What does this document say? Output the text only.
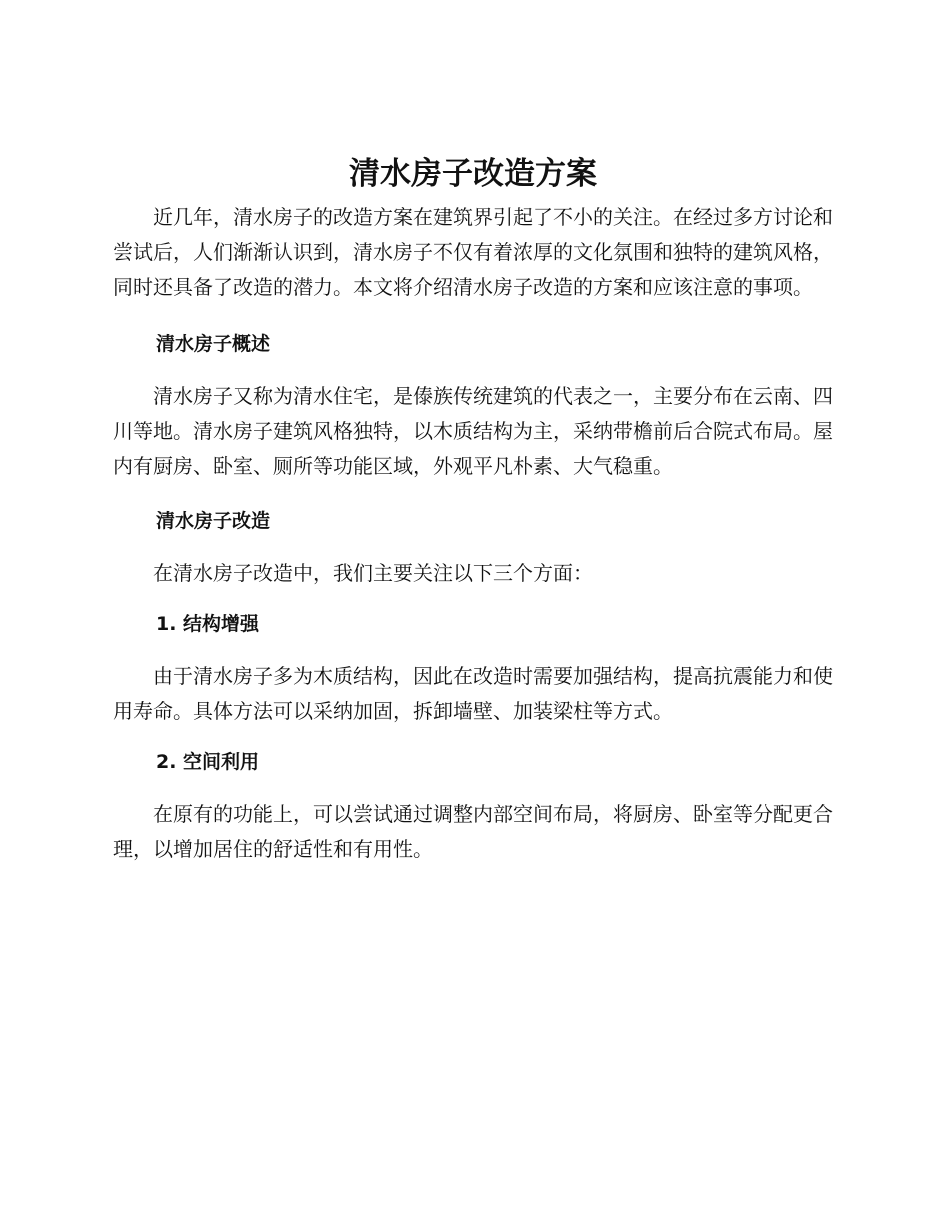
清水房子改造方案

近几年，清水房子的改造方案在建筑界引起了不小的关注。在经过多方讨论和尝试后，人们渐渐认识到，清水房子不仅有着浓厚的文化氛围和独特的建筑风格，同时还具备了改造的潜力。本文将介绍清水房子改造的方案和应该注意的事项。

清水房子概述

清水房子又称为清水住宅，是傣族传统建筑的代表之一，主要分布在云南、四川等地。清水房子建筑风格独特，以木质结构为主，采纳带檐前后合院式布局。屋内有厨房、卧室、厕所等功能区域，外观平凡朴素、大气稳重。

清水房子改造

在清水房子改造中，我们主要关注以下三个方面：

1. 结构增强

由于清水房子多为木质结构，因此在改造时需要加强结构，提高抗震能力和使用寿命。具体方法可以采纳加固，拆卸墙壁、加装梁柱等方式。

2. 空间利用

在原有的功能上，可以尝试通过调整内部空间布局，将厨房、卧室等分配更合理，以增加居住的舒适性和有用性。
